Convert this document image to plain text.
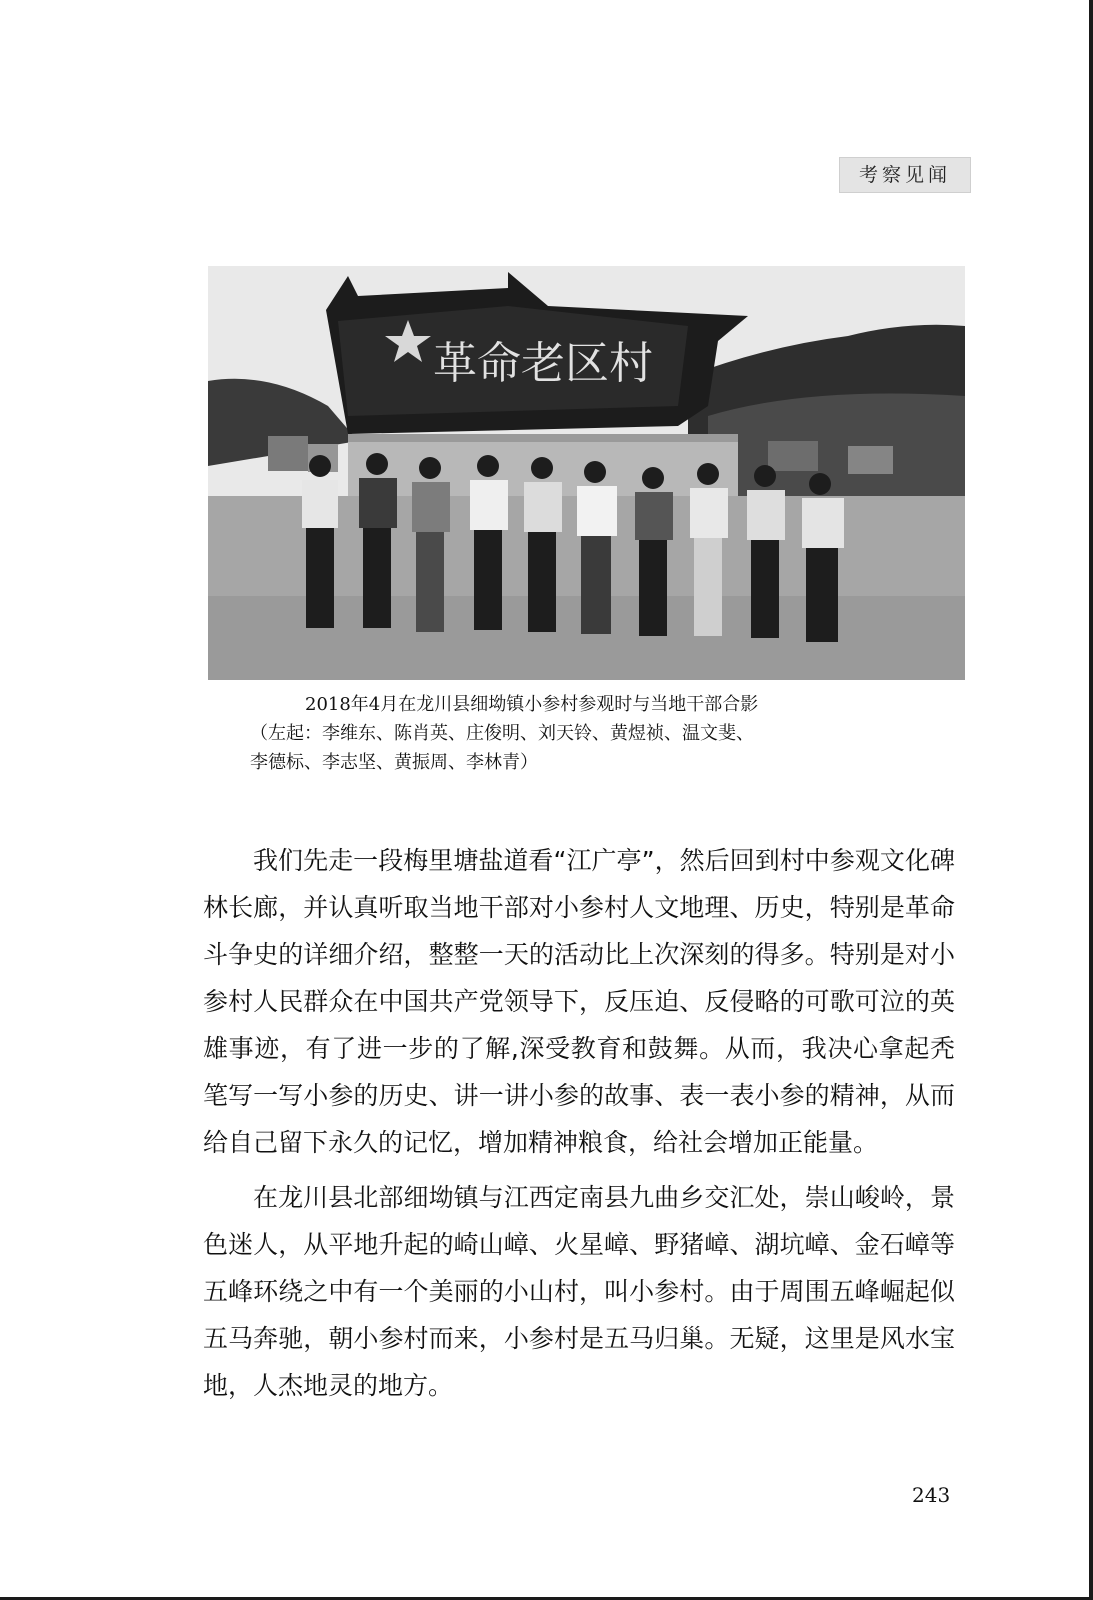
考察见闻
革命老区村
2018年4月在龙川县细坳镇小参村参观时与当地干部合影
（左起：李维东、陈肖英、庄俊明、刘天铃、黄煜祯、温文斐、
李德标、李志坚、黄振周、李林青）

我们先走一段梅里塘盐道看“江广亭”，然后回到村中参观文化碑林长廊，并认真听取当地干部对小参村人文地理、历史，特别是革命斗争史的详细介绍，整整一天的活动比上次深刻的得多。特别是对小参村人民群众在中国共产党领导下，反压迫、反侵略的可歌可泣的英雄事迹，有了进一步的了解,深受教育和鼓舞。从而，我决心拿起秃笔写一写小参的历史、讲一讲小参的故事、表一表小参的精神，从而给自己留下永久的记忆，增加精神粮食，给社会增加正能量。

在龙川县北部细坳镇与江西定南县九曲乡交汇处，崇山峻岭，景色迷人，从平地升起的崎山嶂、火星嶂、野猪嶂、湖坑嶂、金石嶂等五峰环绕之中有一个美丽的小山村，叫小参村。由于周围五峰崛起似五马奔驰，朝小参村而来，小参村是五马归巢。无疑，这里是风水宝地，人杰地灵的地方。

243
